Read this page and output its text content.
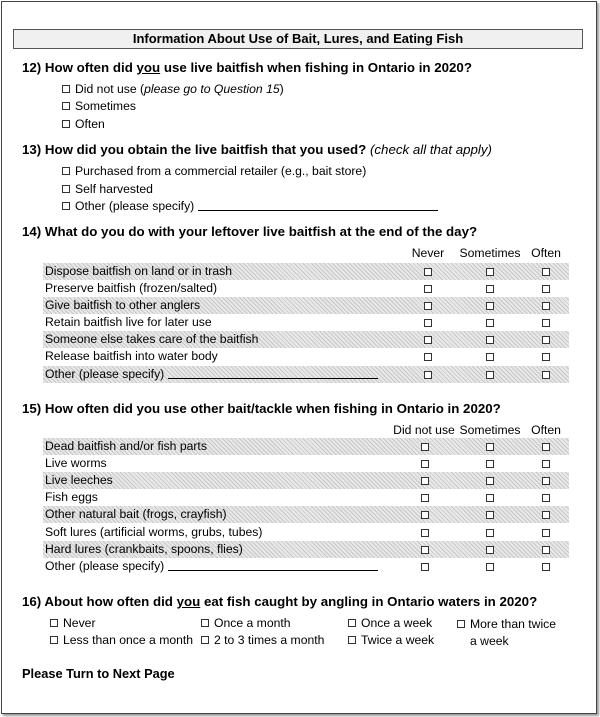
Information About Use of Bait, Lures, and Eating Fish
12) How often did you use live baitfish when fishing in Ontario in 2020?
Did not use (please go to Question 15)
Sometimes
Often
13) How did you obtain the live baitfish that you used? (check all that apply)
Purchased from a commercial retailer (e.g., bait store)
Self harvested
Other (please specify)
14) What do you do with your leftover live baitfish at the end of the day?
Never	Sometimes Often
Dispose baitfish on land or in trash
Preserve baitfish (frozen/salted)
Give baitfish to other anglers
Retain baitfish live for later use
Someone else takes care of the baitfish
Release baitfish into water body
Other (please specify)
15) How often did you use other bait/tackle when fishing in Ontario in 2020?
Did not use Sometimes Often
Dead baitfish and/or fish parts
Live worms
Live leeches
Fish eggs
Other natural bait (frogs, crayfish)
Soft lures (artificial worms, grubs, tubes)
Hard lures (crankbaits, spoons, flies)
Other (please specify)
16) About how often did you eat fish caught by angling in Ontario waters in 2020?
Never	Once a month	Once a week	More than twice
Less than once a month	2 to 3 times a month	Twice a week	a week
Please Turn to Next Page
